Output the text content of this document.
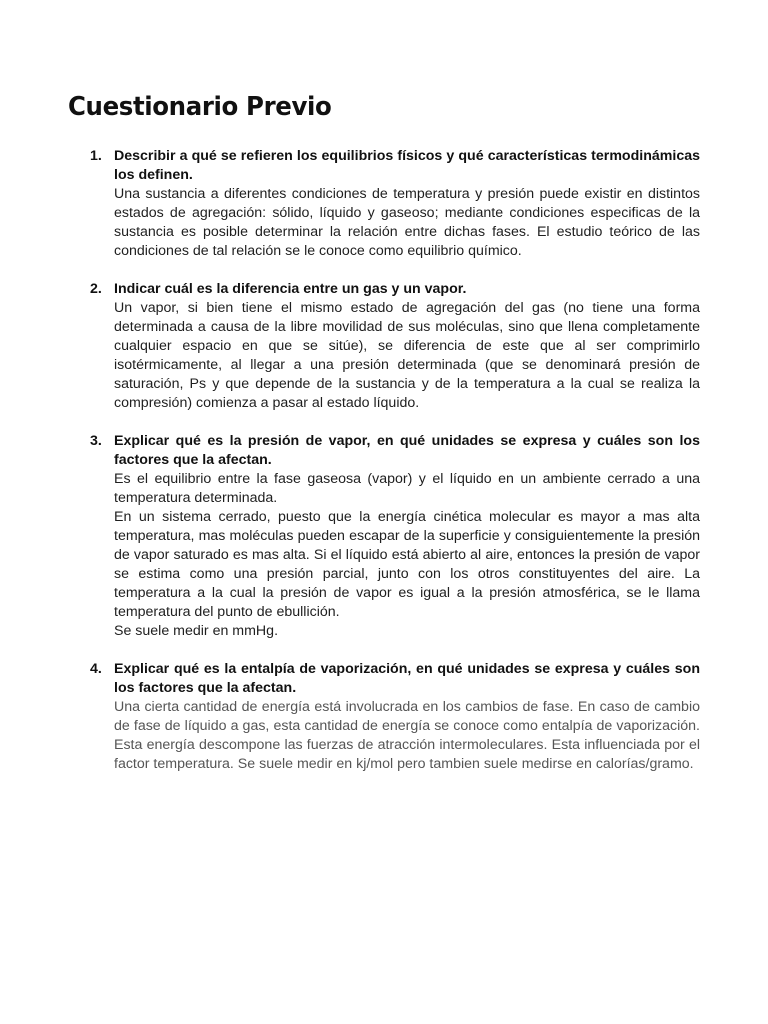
Cuestionario Previo
1. Describir a qué se refieren los equilibrios físicos y qué características termodinámicas los definen.

Una sustancia a diferentes condiciones de temperatura y presión puede existir en distintos estados de agregación: sólido, líquido y gaseoso; mediante condiciones especificas de la sustancia es posible determinar la relación entre dichas fases. El estudio teórico de las condiciones de tal relación se le conoce como equilibrio químico.

2. Indicar cuál es la diferencia entre un gas y un vapor.

Un vapor, si bien tiene el mismo estado de agregación del gas (no tiene una forma determinada a causa de la libre movilidad de sus moléculas, sino que llena completamente cualquier espacio en que se sitúe), se diferencia de este que al ser comprimirlo isotérmicamente, al llegar a una presión determinada (que se denominará presión de saturación, Ps y que depende de la sustancia y de la temperatura a la cual se realiza la compresión) comienza a pasar al estado líquido.

3. Explicar qué es la presión de vapor, en qué unidades se expresa y cuáles son los factores que la afectan.

Es el equilibrio entre la fase gaseosa (vapor) y el líquido en un ambiente cerrado a una temperatura determinada.

En un sistema cerrado, puesto que la energía cinética molecular es mayor a mas alta temperatura, mas moléculas pueden escapar de la superficie y consiguientemente la presión de vapor saturado es mas alta. Si el líquido está abierto al aire, entonces la presión de vapor se estima como una presión parcial, junto con los otros constituyentes del aire. La temperatura a la cual la presión de vapor es igual a la presión atmosférica, se le llama temperatura del punto de ebullición.

Se suele medir en mmHg.

4. Explicar qué es la entalpía de vaporización, en qué unidades se expresa y cuáles son los factores que la afectan.

Una cierta cantidad de energía está involucrada en los cambios de fase. En caso de cambio de fase de líquido a gas, esta cantidad de energía se conoce como entalpía de vaporización. Esta energía descompone las fuerzas de atracción intermoleculares. Esta influenciada por el factor temperatura. Se suele medir en kj/mol pero tambien suele medirse en calorías/gramo.
